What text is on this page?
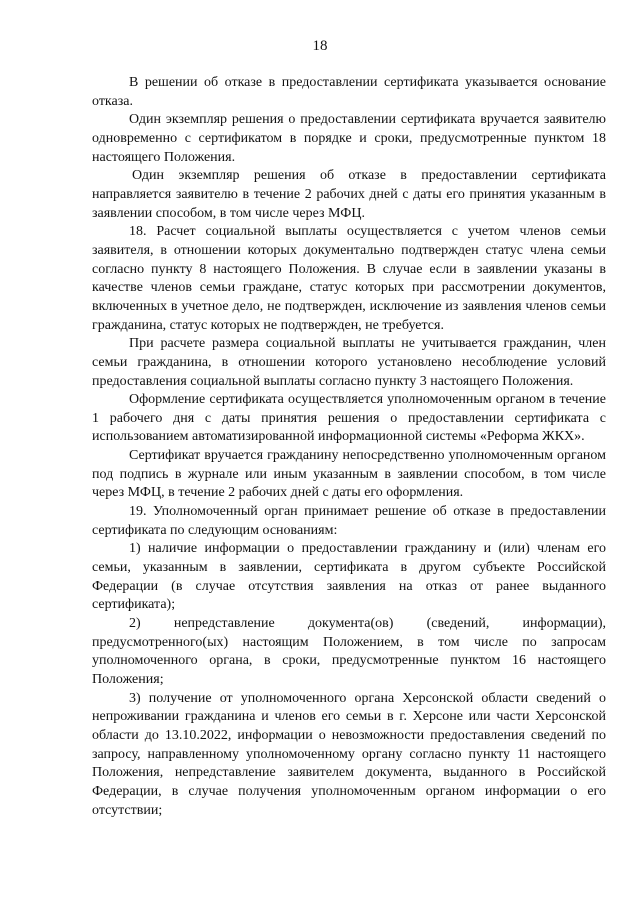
18

В решении об отказе в предоставлении сертификата указывается основание отказа.

Один экземпляр решения о предоставлении сертификата вручается заявителю одновременно с сертификатом в порядке и сроки, предусмотренные пунктом 18 настоящего Положения.

Один экземпляр решения об отказе в предоставлении сертификата направляется заявителю в течение 2 рабочих дней с даты его принятия указанным в заявлении способом, в том числе через МФЦ.

18. Расчет социальной выплаты осуществляется с учетом членов семьи заявителя, в отношении которых документально подтвержден статус члена семьи согласно пункту 8 настоящего Положения. В случае если в заявлении указаны в качестве членов семьи граждане, статус которых при рассмотрении документов, включенных в учетное дело, не подтвержден, исключение из заявления членов семьи гражданина, статус которых не подтвержден, не требуется.

При расчете размера социальной выплаты не учитывается гражданин, член семьи гражданина, в отношении которого установлено несоблюдение условий предоставления социальной выплаты согласно пункту 3 настоящего Положения.

Оформление сертификата осуществляется уполномоченным органом в течение 1 рабочего дня с даты принятия решения о предоставлении сертификата с использованием автоматизированной информационной системы «Реформа ЖКХ».

Сертификат вручается гражданину непосредственно уполномоченным органом под подпись в журнале или иным указанным в заявлении способом, в том числе через МФЦ, в течение 2 рабочих дней с даты его оформления.

19. Уполномоченный орган принимает решение об отказе в предоставлении сертификата по следующим основаниям:

1) наличие информации о предоставлении гражданину и (или) членам его семьи, указанным в заявлении, сертификата в другом субъекте Российской Федерации (в случае отсутствия заявления на отказ от ранее выданного сертификата);

2) непредставление документа(ов) (сведений, информации), предусмотренного(ых) настоящим Положением, в том числе по запросам уполномоченного органа, в сроки, предусмотренные пунктом 16 настоящего Положения;

3) получение от уполномоченного органа Херсонской области сведений о непроживании гражданина и членов его семьи в г. Херсоне или части Херсонской области до 13.10.2022, информации о невозможности предоставления сведений по запросу, направленному уполномоченному органу согласно пункту 11 настоящего Положения, непредставление заявителем документа, выданного в Российской Федерации, в случае получения уполномоченным органом информации о его отсутствии;
